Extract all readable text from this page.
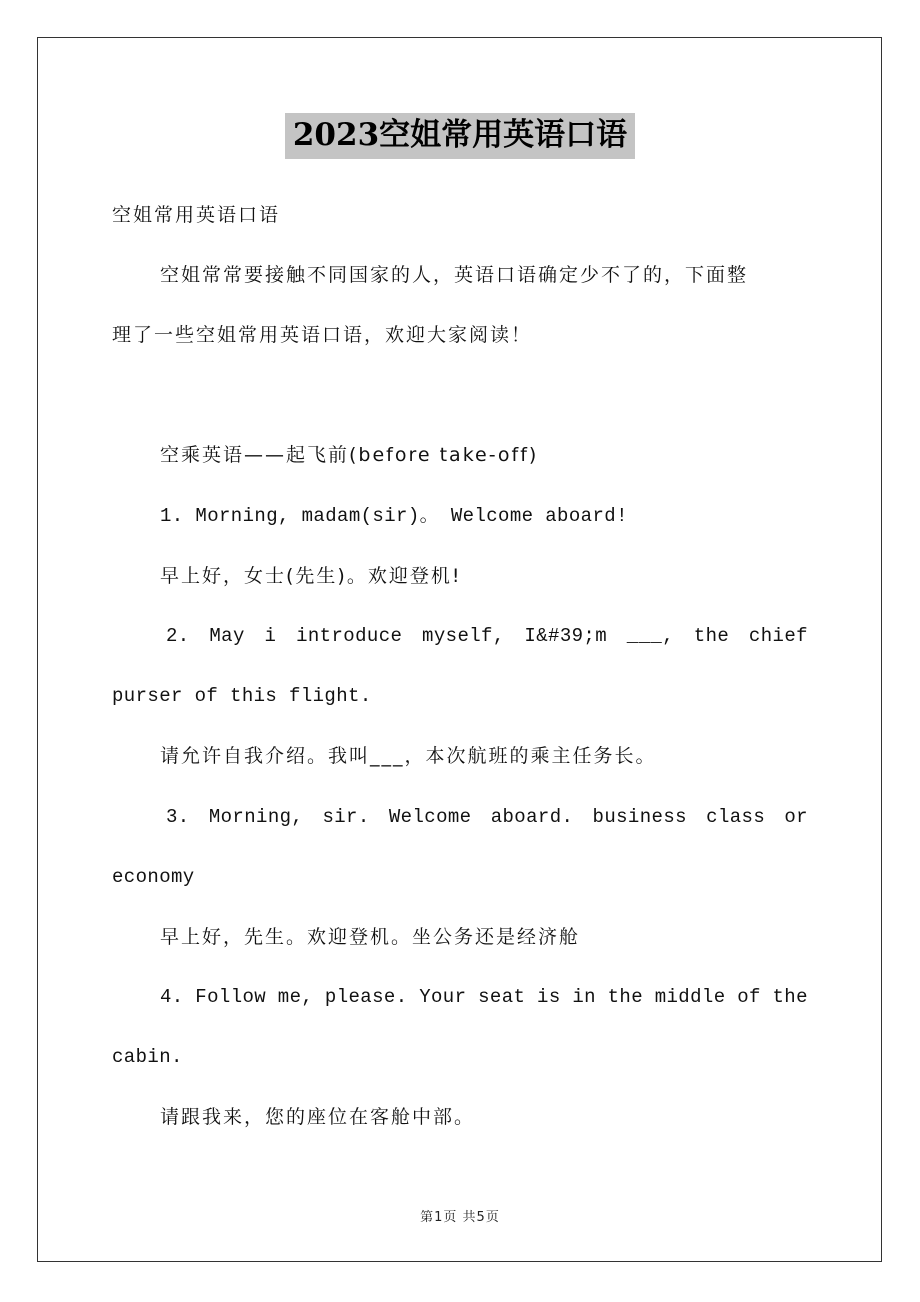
2023空姐常用英语口语
空姐常用英语口语
空姐常常要接触不同国家的人，英语口语确定少不了的，下面整
理了一些空姐常用英语口语，欢迎大家阅读！
空乘英语——起飞前(before take-off)
1. Morning, madam(sir)。 Welcome aboard!
早上好，女士(先生)。欢迎登机!
2. May i introduce myself, I&#39;m ___, the chief
purser of this flight.
请允许自我介绍。我叫___，本次航班的乘主任务长。
3. Morning, sir. Welcome aboard. business class or
economy
早上好，先生。欢迎登机。坐公务还是经济舱
4. Follow me, please. Your seat is in the middle of the
cabin.
请跟我来，您的座位在客舱中部。
第1页 共5页
